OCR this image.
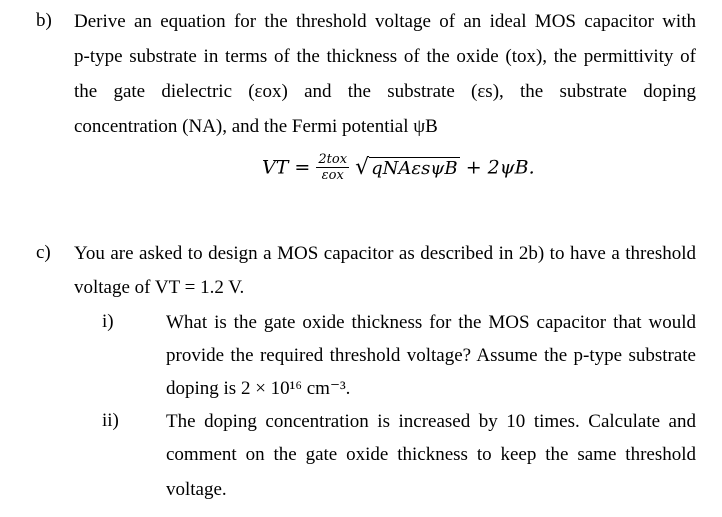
b) Derive an equation for the threshold voltage of an ideal MOS capacitor with
p-type substrate in terms of the thickness of the oxide (tox), the permittivity of
the gate dielectric (εox) and the substrate (εs), the substrate doping
concentration (NA), and the Fermi potential ψB
VT = $\frac{\text{2tox}}{\text{εox}}$ √ qNAεsψB + 2ψB.
c) You are asked to design a MOS capacitor as described in 2b) to have a threshold
voltage of VT = 1.2 V.
i)	What is the gate oxide thickness for the MOS capacitor that would
provide the required threshold voltage? Assume the p-type substrate
doping is 2 × 10¹⁶ cm⁻³.
ii) The doping concentration is increased by 10 times. Calculate and
comment on the gate oxide thickness to keep the same threshold
voltage.
